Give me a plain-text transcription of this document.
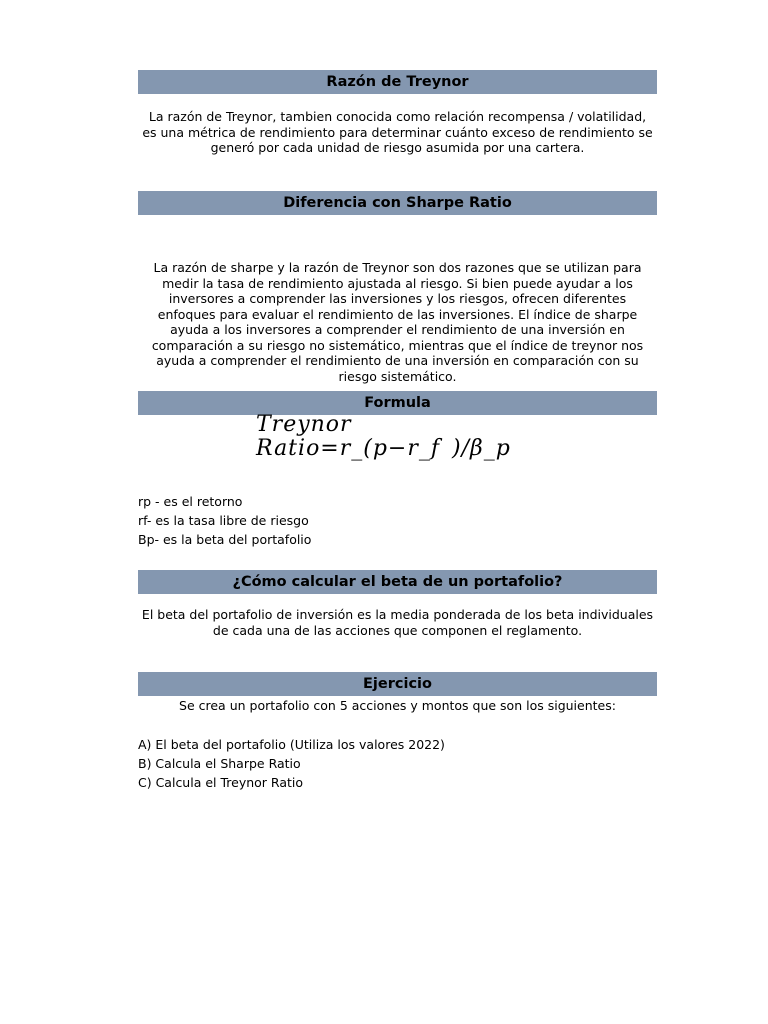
Razón de Treynor
La razón de Treynor, tambien conocida como relación recompensa / volatilidad, es una métrica de rendimiento para determinar cuánto exceso de rendimiento se generó por cada unidad de riesgo asumida por una cartera.
Diferencia con Sharpe Ratio
La razón de sharpe y la razón de Treynor son dos razones que se utilizan para medir la tasa de rendimiento ajustada al riesgo. Si bien puede ayudar a los inversores a comprender las inversiones y los riesgos, ofrecen diferentes enfoques para evaluar el rendimiento de las inversiones. El índice de sharpe ayuda a los inversores a comprender el rendimiento de una inversión en comparación a su riesgo no sistemático, mientras que el índice de treynor nos ayuda a comprender el rendimiento de una inversión en comparación con su riesgo sistemático.
Formula
Treynor Ratio=r_(p−r_f )/β_p
rp - es el retorno
rf- es la tasa libre de riesgo
Bp- es la beta del portafolio
¿Cómo calcular el beta de un portafolio?
El beta del portafolio de inversión es la media ponderada de los beta individuales de cada una de las acciones que componen el reglamento.
Ejercicio
Se crea un portafolio con 5 acciones y montos que son los siguientes:
A) El beta del portafolio (Utiliza los valores 2022)
B) Calcula el Sharpe Ratio
C) Calcula el Treynor Ratio
